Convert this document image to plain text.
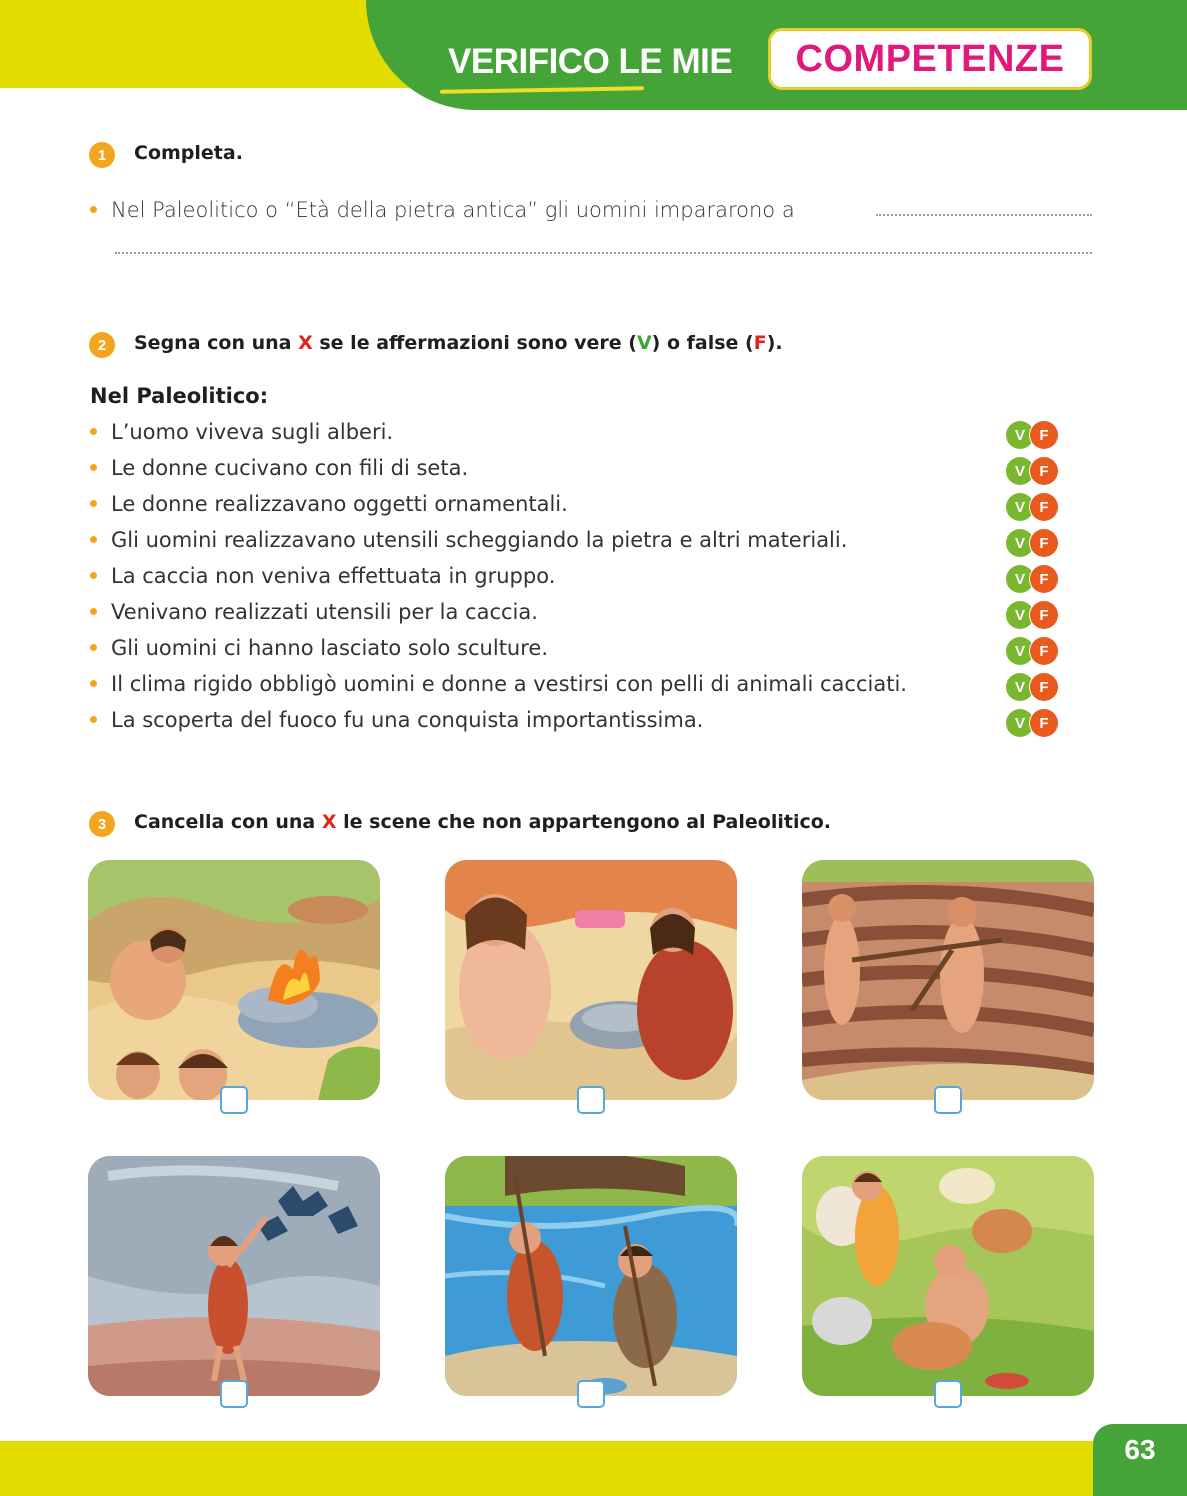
VERIFICO LE MIE	COMPETENZE
1	Completa.
Nel Paleolitico o “Età della pietra antica” gli uomini impararono a
2	Segna con una X se le affermazioni sono vere (V) o false (F).
Nel Paleolitico:
L’uomo viveva sugli alberi.	V F
Le donne cucivano con fili di seta.	V F
Le donne realizzavano oggetti ornamentali.	V F
Gli uomini realizzavano utensili scheggiando la pietra e altri materiali.	V F
La caccia non veniva effettuata in gruppo.	V F
Venivano realizzati utensili per la caccia.	V F
Gli uomini ci hanno lasciato solo sculture.	V F
Il clima rigido obbligò uomini e donne a vestirsi con pelli di animali cacciati.	V F
La scoperta del fuoco fu una conquista importantissima.	V F
3	Cancella con una X le scene che non appartengono al Paleolitico.
63
